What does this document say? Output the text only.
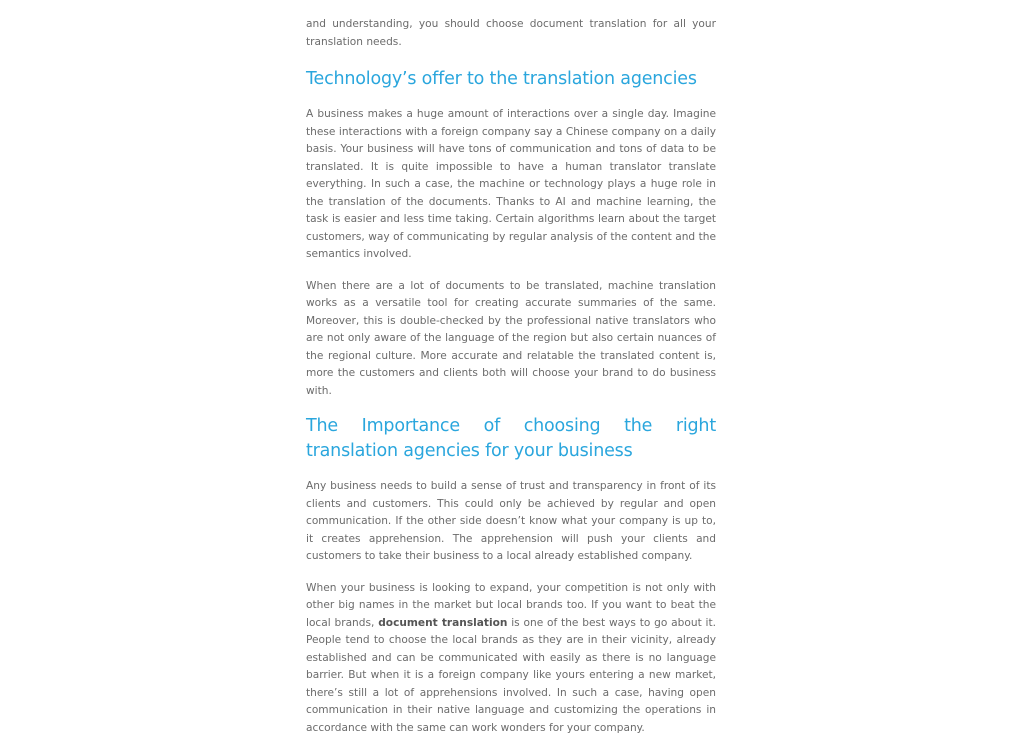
and understanding, you should choose document translation for all your translation needs.

Technology’s offer to the translation agencies

A business makes a huge amount of interactions over a single day. Imagine these interactions with a foreign company say a Chinese company on a daily basis. Your business will have tons of communication and tons of data to be translated. It is quite impossible to have a human translator translate everything. In such a case, the machine or technology plays a huge role in the translation of the documents. Thanks to AI and machine learning, the task is easier and less time taking. Certain algorithms learn about the target customers, way of communicating by regular analysis of the content and the semantics involved.

When there are a lot of documents to be translated, machine translation works as a versatile tool for creating accurate summaries of the same. Moreover, this is double-checked by the professional native translators who are not only aware of the language of the region but also certain nuances of the regional culture. More accurate and relatable the translated content is, more the customers and clients both will choose your brand to do business with.

The Importance of choosing the right translation agencies for your business

Any business needs to build a sense of trust and transparency in front of its clients and customers. This could only be achieved by regular and open communication. If the other side doesn’t know what your company is up to, it creates apprehension. The apprehension will push your clients and customers to take their business to a local already established company.

When your business is looking to expand, your competition is not only with other big names in the market but local brands too. If you want to beat the local brands, document translation is one of the best ways to go about it. People tend to choose the local brands as they are in their vicinity, already established and can be communicated with easily as there is no language barrier. But when it is a foreign company like yours entering a new market, there’s still a lot of apprehensions involved. In such a case, having open communication in their native language and customizing the operations in accordance with the same can work wonders for your company.
